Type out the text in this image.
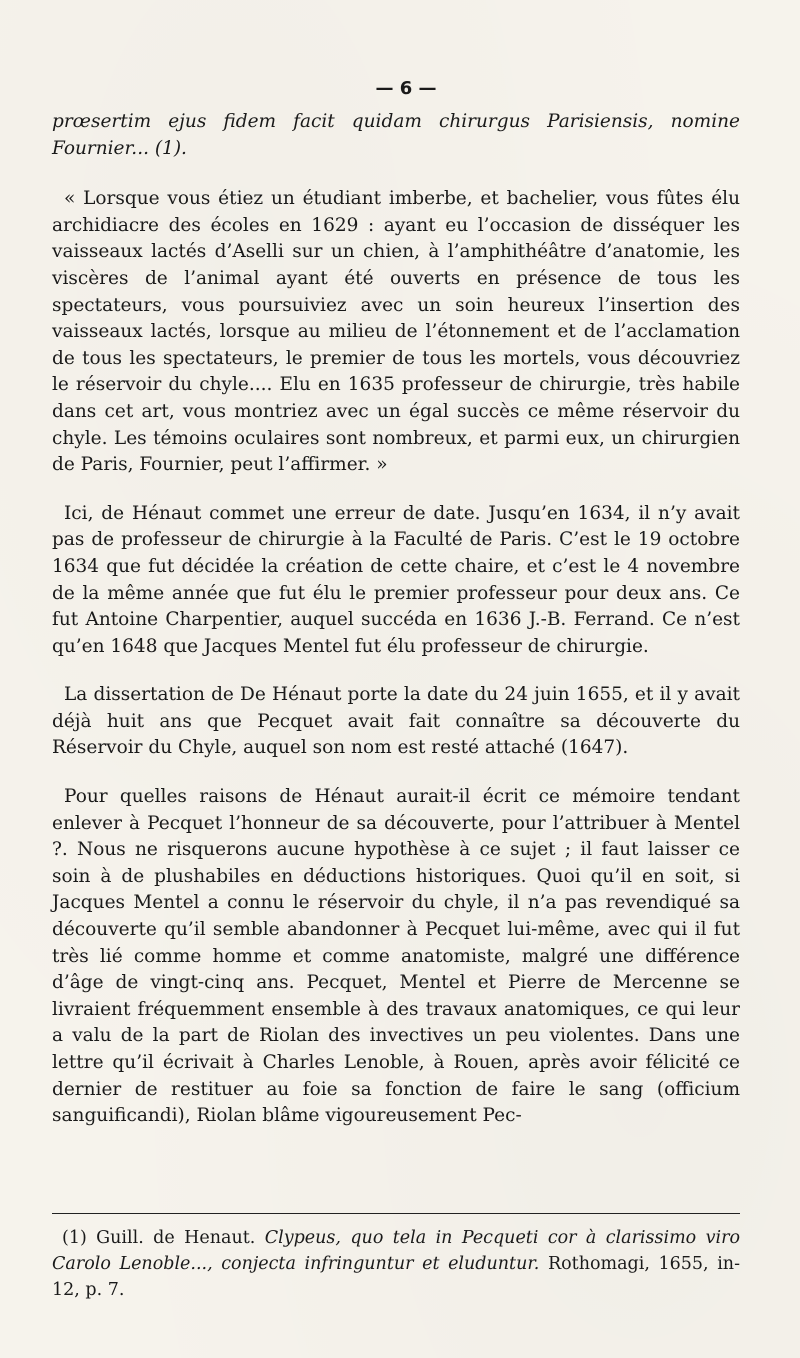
— 6 —

prœsertim ejus fidem facit quidam chirurgus Parisiensis, nomine Fournier... (1).

« Lorsque vous étiez un étudiant imberbe, et bachelier, vous fûtes élu archidiacre des écoles en 1629 : ayant eu l’occasion de disséquer les vaisseaux lactés d’Aselli sur un chien, à l’amphithéâtre d’anatomie, les viscères de l’animal ayant été ouverts en présence de tous les spectateurs, vous poursuiviez avec un soin heureux l’insertion des vaisseaux lactés, lorsque au milieu de l’étonnement et de l’acclamation de tous les spectateurs, le premier de tous les mortels, vous découvriez le réservoir du chyle.... Elu en 1635 professeur de chirurgie, très habile dans cet art, vous montriez avec un égal succès ce même réservoir du chyle. Les témoins oculaires sont nombreux, et parmi eux, un chirurgien de Paris, Fournier, peut l’affirmer. »

Ici, de Hénaut commet une erreur de date. Jusqu’en 1634, il n’y avait pas de professeur de chirurgie à la Faculté de Paris. C’est le 19 octobre 1634 que fut décidée la création de cette chaire, et c’est le 4 novembre de la même année que fut élu le premier professeur pour deux ans. Ce fut Antoine Charpentier, auquel succéda en 1636 J.-B. Ferrand. Ce n’est qu’en 1648 que Jacques Mentel fut élu professeur de chirurgie.

La dissertation de De Hénaut porte la date du 24 juin 1655, et il y avait déjà huit ans que Pecquet avait fait connaître sa découverte du Réservoir du Chyle, auquel son nom est resté attaché (1647).

Pour quelles raisons de Hénaut aurait-il écrit ce mémoire tendant enlever à Pecquet l’honneur de sa découverte, pour l’attribuer à Mentel ?. Nous ne risquerons aucune hypothèse à ce sujet ; il faut laisser ce soin à de plushabiles en déductions historiques. Quoi qu’il en soit, si Jacques Mentel a connu le réservoir du chyle, il n’a pas revendiqué sa découverte qu’il semble abandonner à Pecquet lui-même, avec qui il fut très lié comme homme et comme anatomiste, malgré une différence d’âge de vingt-cinq ans. Pecquet, Mentel et Pierre de Mercenne se livraient fréquemment ensemble à des travaux anatomiques, ce qui leur a valu de la part de Riolan des invectives un peu violentes. Dans une lettre qu’il écrivait à Charles Lenoble, à Rouen, après avoir félicité ce dernier de restituer au foie sa fonction de faire le sang (officium sanguificandi), Riolan blâme vigoureusement Pec-

(1) Guill. de Henaut. Clypeus, quo tela in Pecqueti cor à clarissimo viro Carolo Lenoble..., conjecta infringuntur et eluduntur. Rothomagi, 1655, in-12, p. 7.
